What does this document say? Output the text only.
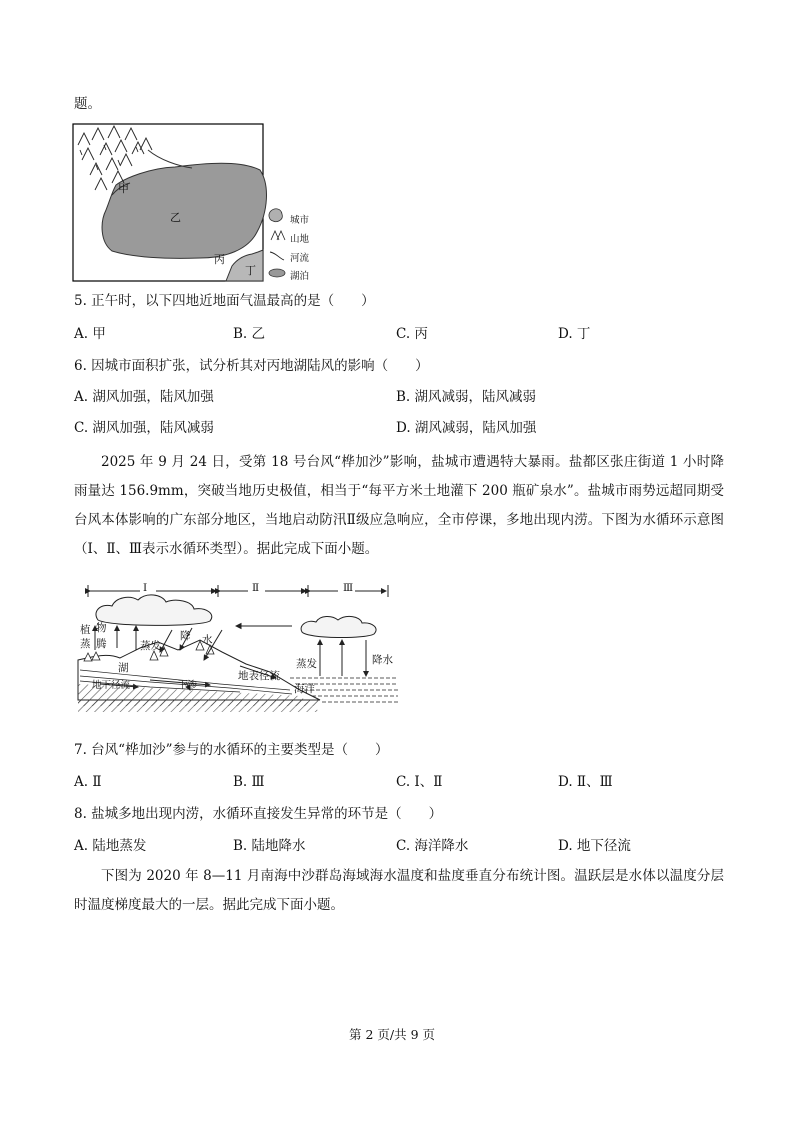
题。
甲
乙
丙
丁
城市
山地
河流
湖泊
5. 正午时，以下四地近地面气温最高的是（　　）
A. 甲	B. 乙	C. 丙	D. 丁
6. 因城市面积扩张，试分析其对丙地湖陆风的影响（　　）
A. 湖风加强，陆风加强	B. 湖风减弱，陆风减弱
C. 湖风加强，陆风减弱	D. 湖风减弱，陆风加强
2025 年 9 月 24 日，受第 18 号台风“桦加沙”影响，盐城市遭遇特大暴雨。盐都区张庄街道 1 小时降雨量达 156.9mm，突破当地历史极值，相当于“每平方米土地灌下 200 瓶矿泉水”。盐城市雨势远超同期受台风本体影响的广东部分地区，当地启动防汛Ⅱ级应急响应，全市停课，多地出现内涝。下图为水循环示意图（Ⅰ、Ⅱ、Ⅲ表示水循环类型）。据此完成下面小题。
Ⅰ	Ⅱ	Ⅲ
植 物
蒸 腾	蒸发
降 水
湖
地下径流	下渗
地表径流
海洋
蒸发	降水
7. 台风“桦加沙”参与的水循环的主要类型是（　　）
A. Ⅱ	B. Ⅲ	C. Ⅰ、Ⅱ	D. Ⅱ、Ⅲ
8. 盐城多地出现内涝，水循环直接发生异常的环节是（　　）
A. 陆地蒸发	B. 陆地降水	C. 海洋降水	D. 地下径流
下图为 2020 年 8—11 月南海中沙群岛海域海水温度和盐度垂直分布统计图。温跃层是水体以温度分层时温度梯度最大的一层。据此完成下面小题。
第 2 页/共 9 页
